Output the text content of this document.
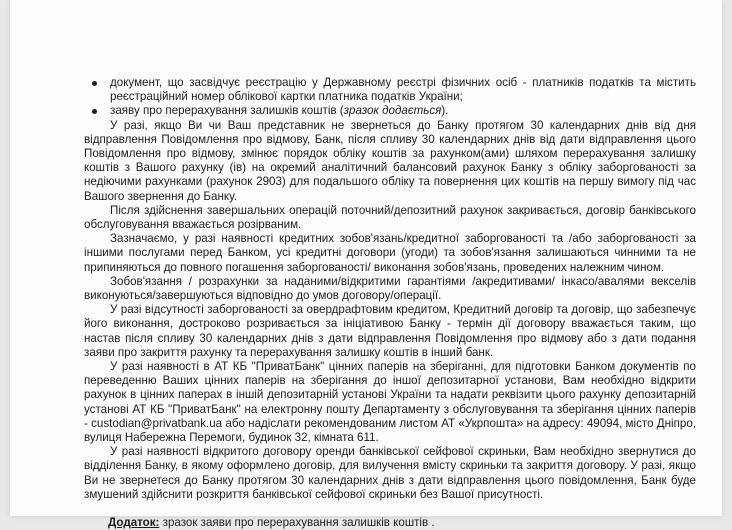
документ, що засвідчує реєстрацію у Державному реєстрі фізичних осіб - платників податків та містить реєстраційний номер облікової картки платника податків України;
заяву про перерахування залишків коштів (зразок додається).

У разі, якщо Ви чи Ваш представник не звернеться до Банку протягом 30 календарних днів від дня відправлення Повідомлення про відмову, Банк, після спливу 30 календарних днів від дати відправлення цього Повідомлення про відмову, змінює порядок обліку коштів за рахунком(ами) шляхом перерахування залишку коштів з Вашого рахунку (ів) на окремий аналітичний балансовий рахунок Банку з обліку заборгованості за недіючими рахунками (рахунок 2903) для подальшого обліку та повернення цих коштів на першу вимогу під час Вашого звернення до Банку.

Після здійснення завершальних операцій поточний/депозитний рахунок закривається, договір банківського обслуговування вважається розірваним.

Зазначаємо, у разі наявності кредитних зобов'язань/кредитної заборгованості та /або заборгованості за іншими послугами перед Банком, усі кредитні договори (угоди) та зобов'язання залишаються чинними та не припиняються до повного погашення заборгованості/ виконання зобов'язань, проведених належним чином.

Зобов'язання / розрахунки за наданими/відкритими гарантіями /акредитивами/ інкасо/авалями векселів виконуються/завершуються відповідно до умов договору/операції.

У разі відсутності заборгованості за овердрафтовим кредитом, Кредитний договір та договір, що забезпечує його виконання, достроково розривається за ініціативою Банку - термін дії договору вважається таким, що настав після спливу 30 календарних днів з дати відправлення Повідомлення про відмову або з дати подання заяви про закриття рахунку та перерахування залишку коштів в інший банк.

У разі наявності в АТ КБ "ПриватБанк" цінних паперів на зберіганні, для підготовки Банком документів по переведенню Ваших цінних паперів на зберігання до іншої депозитарної установи, Вам необхідно відкрити рахунок в цінних паперах в іншій депозитарній установі України та надати реквізити цього рахунку депозитарній установі АТ КБ "ПриватБанк" на електронну пошту Департаменту з обслуговування та зберігання цінних паперів - custodian@privatbank.ua або надіслати рекомендованим листом АТ «Укрпошта» на адресу: 49094, місто Дніпро, вулиця Набережна Перемоги, будинок 32, кімната 611.

У разі наявності відкритого договору оренди банківської сейфової скриньки, Вам необхідно звернутися до відділення Банку, в якому оформлено договір, для вилучення вмісту скриньки та закриття договору. У разі, якщо Ви не звернетеся до Банку протягом 30 календарних днів з дати відправлення цього повідомлення, Банк буде змушений здійснити розкриття банківської сейфової скриньки без Вашої присутності.

Додаток: зразок заяви про перерахування залишків коштів .
